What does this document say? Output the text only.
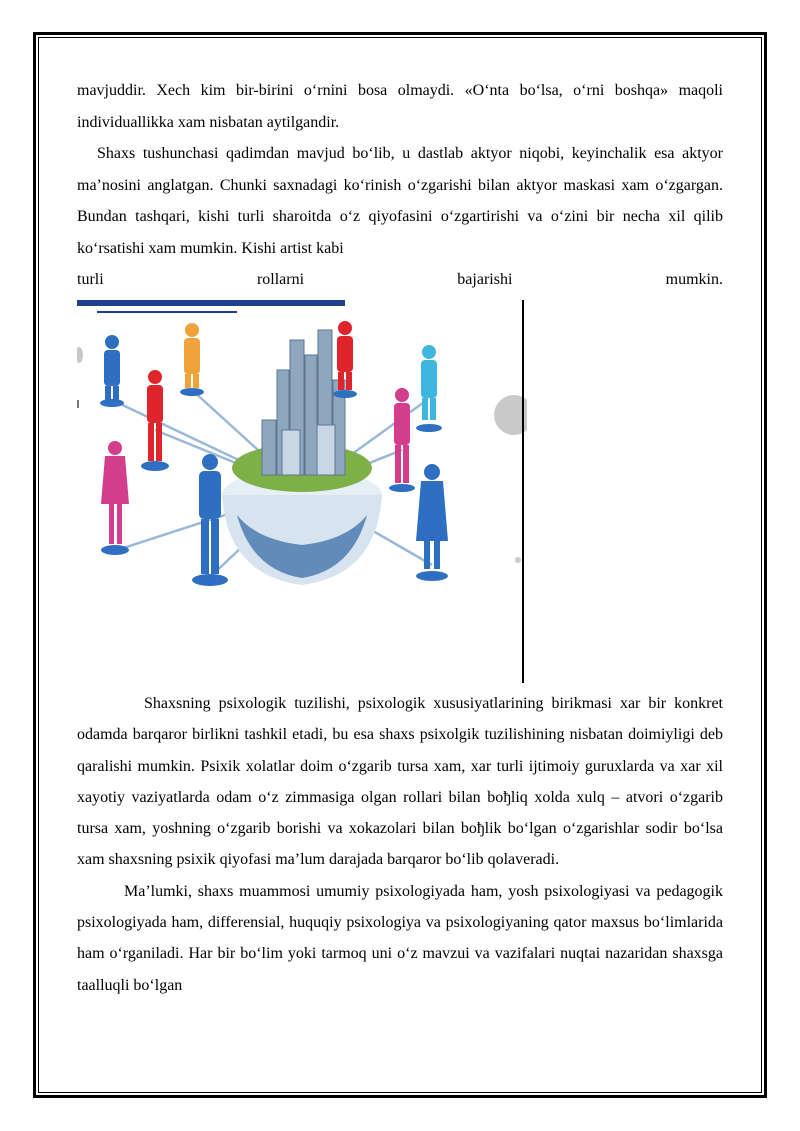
mavjuddir. Xech kim bir-birini o‘rnini bosa olmaydi. «O‘nta bo‘lsa, o‘rni boshqa» maqoli individuallikka xam nisbatan aytilgandir.

Shaxs tushunchasi qadimdan mavjud bo‘lib, u dastlab aktyor niqobi, keyinchalik esa aktyor ma’nosini anglatgan. Chunki saxnadagi ko‘rinish o‘zgarishi bilan aktyor maskasi xam o‘zgargan. Bundan tashqari, kishi turli sharoitda o‘z qiyofasini o‘zgartirishi va o‘zini bir necha xil qilib ko‘rsatishi xam mumkin. Kishi artist kabi

turli	rollarni	bajarishi	mumkin.

Shaxsning psixologik tuzilishi, psixologik xususiyatlarining birikmasi xar bir konkret odamda barqaror birlikni tashkil etadi, bu esa shaxs psixolgik tuzilishining nisbatan doimiyligi deb qaralishi mumkin. Psixik xolatlar doim o‘zgarib tursa xam, xar turli ijtimoiy guruxlarda va xar xil xayotiy vaziyatlarda odam o‘z zimmasiga olgan rollari bilan boђliq xolda xulq – atvori o‘zgarib tursa xam, yoshning o‘zgarib borishi va xokazolari bilan boђlik bo‘lgan o‘zgarishlar sodir bo‘lsa xam shaxsning psixik qiyofasi ma’lum darajada barqaror bo‘lib qolaveradi.

Ma’lumki, shaxs muammosi umumiy psixologiyada ham, yosh psixologiyasi va pedagogik psixologiyada ham, differensial, huquqiy psixologiya va psixologiyaning qator maxsus bo‘limlarida ham o‘rganiladi. Har bir bo‘lim yoki tarmoq uni o‘z mavzui va vazifalari nuqtai nazaridan shaxsga taalluqli bo‘lgan
